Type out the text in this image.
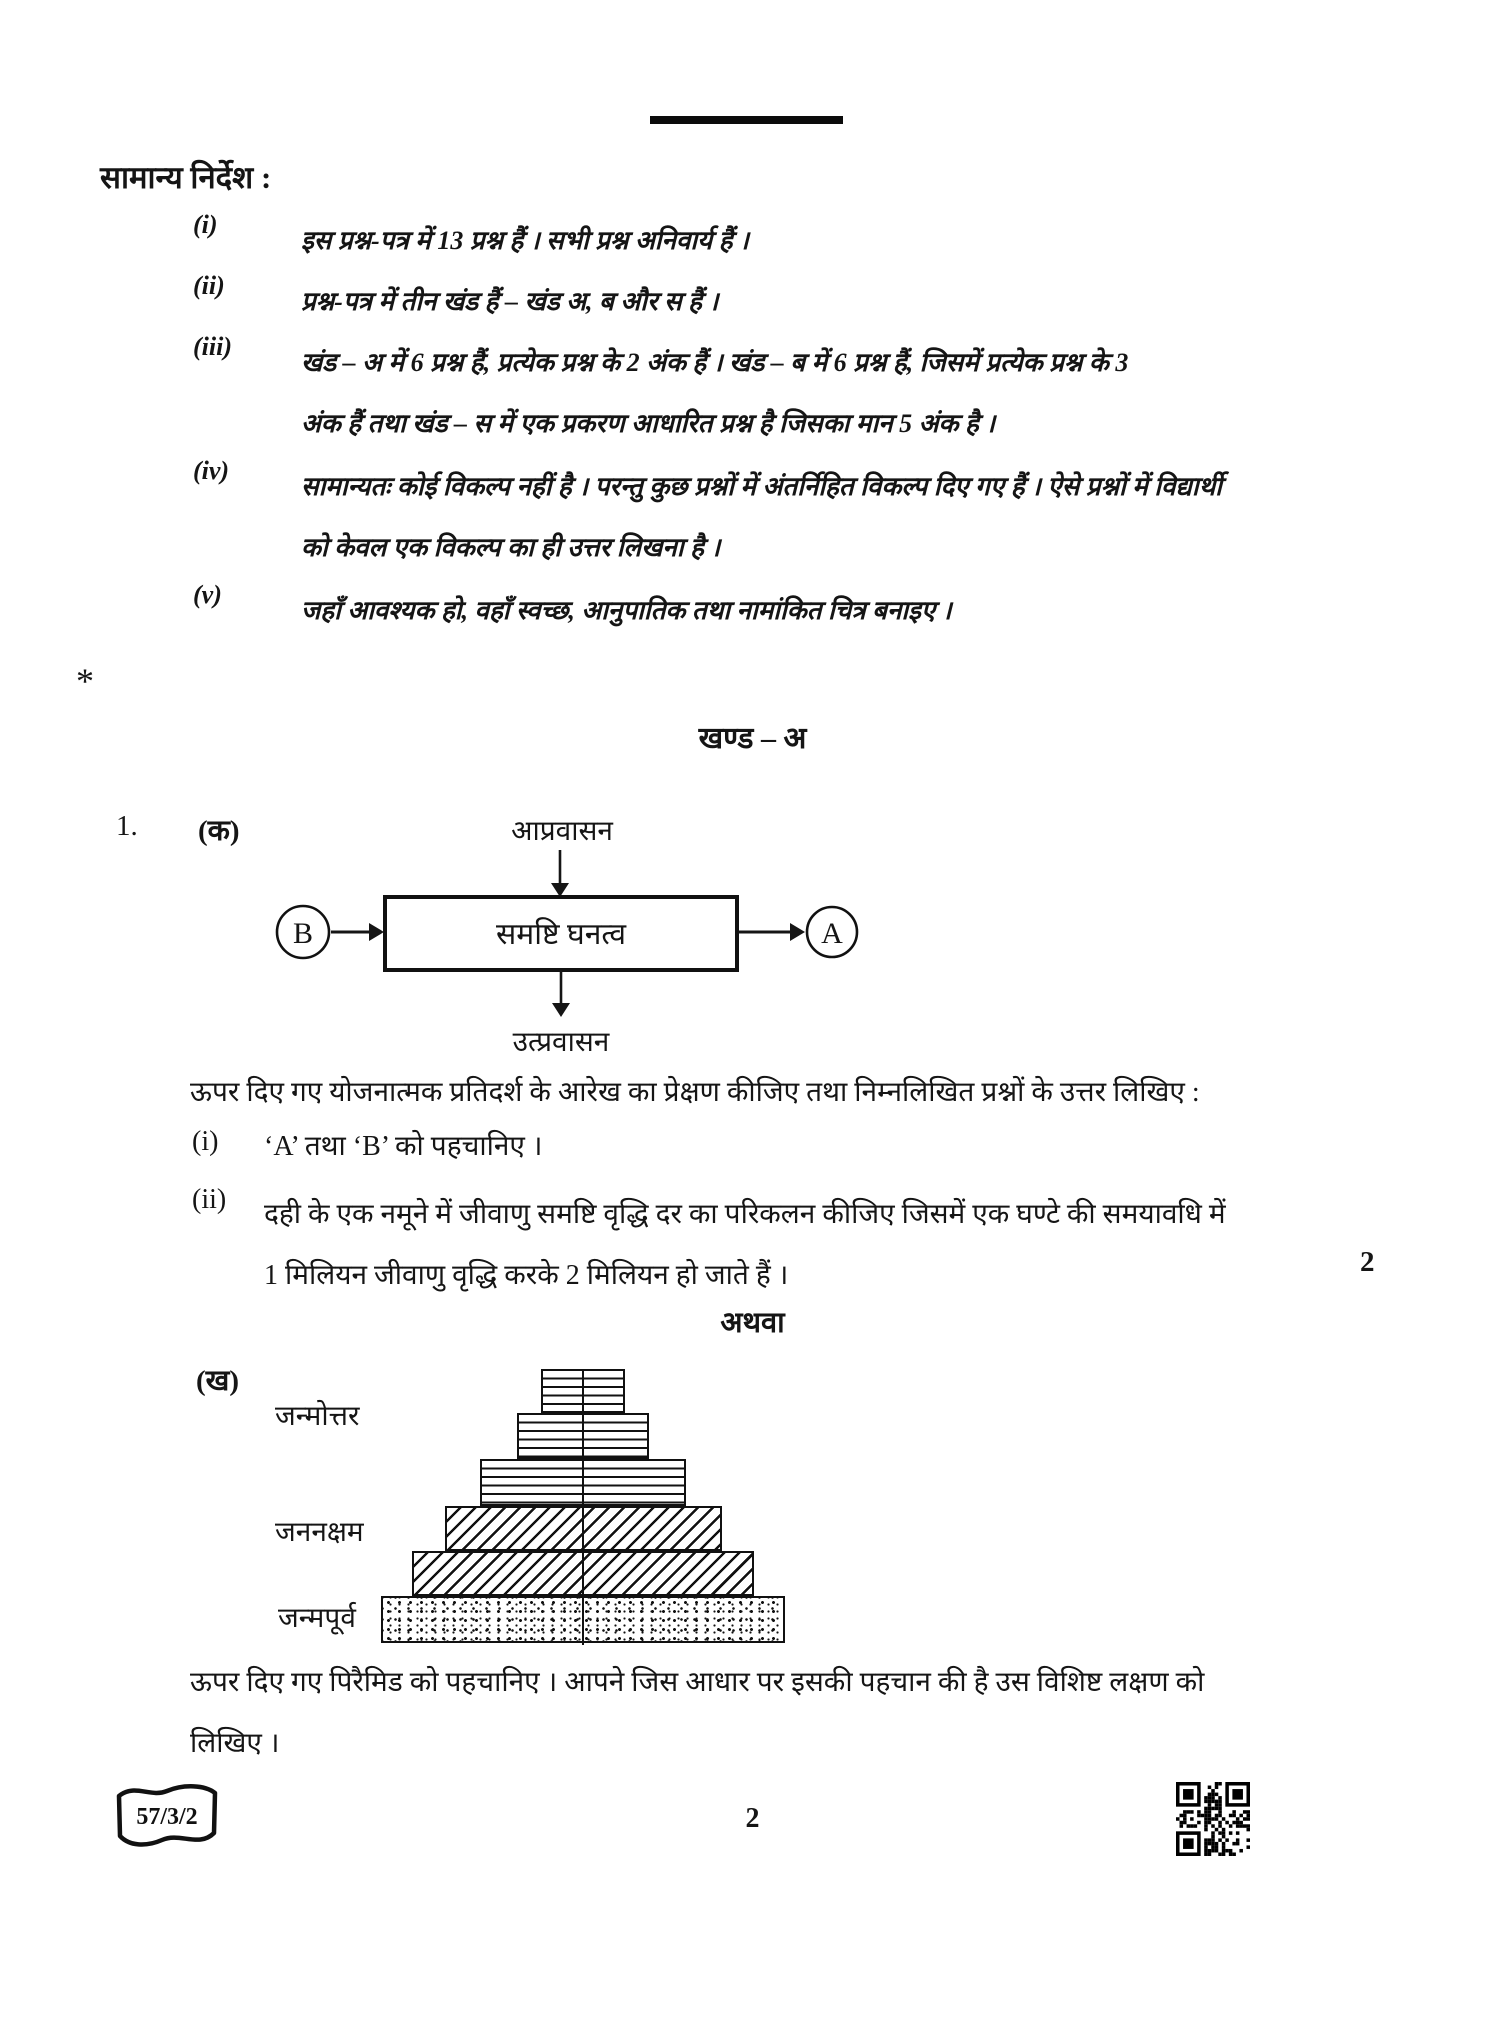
सामान्य निर्देश :
(i)
इस प्रश्न-पत्र में 13 प्रश्न हैं । सभी प्रश्न अनिवार्य हैं ।
(ii)
प्रश्न-पत्र में तीन खंड हैं – खंड अ, ब और स हैं ।
(iii)
खंड – अ में 6 प्रश्न हैं, प्रत्येक प्रश्न के 2 अंक हैं । खंड – ब में 6 प्रश्न हैं, जिसमें प्रत्येक प्रश्न के 3
अंक हैं तथा खंड – स में एक प्रकरण आधारित प्रश्न है जिसका मान 5 अंक है ।
(iv)
सामान्यतः कोई विकल्प नहीं है । परन्तु कुछ प्रश्नों में अंतर्निहित विकल्प दिए गए हैं । ऐसे प्रश्नों में विद्यार्थी
को केवल एक विकल्प का ही उत्तर लिखना है ।
(v)
जहाँ आवश्यक हो, वहाँ स्वच्छ, आनुपातिक तथा नामांकित चित्र बनाइए ।
*
खण्ड – अ
1. (क)	आप्रवासन
समष्टि घनत्व
B	A
उत्प्रवासन
ऊपर दिए गए योजनात्मक प्रतिदर्श के आरेख का प्रेक्षण कीजिए तथा निम्नलिखित प्रश्नों के उत्तर लिखिए :
(i) ‘A’ तथा ‘B’ को पहचानिए ।
(ii) दही के एक नमूने में जीवाणु समष्टि वृद्धि दर का परिकलन कीजिए जिसमें एक घण्टे की समयावधि में
1 मिलियन जीवाणु वृद्धि करके 2 मिलियन हो जाते हैं ।	2
अथवा
(ख)
जन्मोत्तर
जननक्षम
जन्मपूर्व
ऊपर दिए गए पिरैमिड को पहचानिए । आपने जिस आधार पर इसकी पहचान की है उस विशिष्ट लक्षण को
लिखिए ।
57/3/2	2
